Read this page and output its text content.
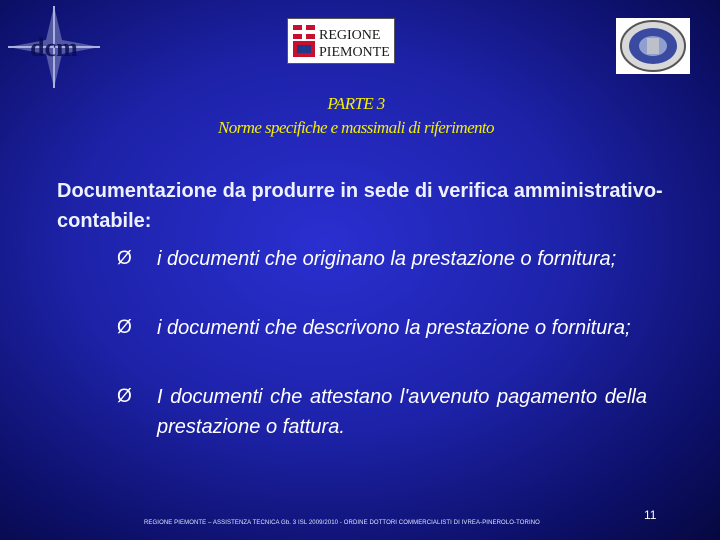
dcm	REGIONE
PIEMONTE
PARTE 3
Norme specifiche e massimali di riferimento
Documentazione da produrre in sede di verifica amministrativo-contabile:
Ø i documenti che originano la prestazione o fornitura;
Ø i documenti che descrivono la prestazione o fornitura;
Ø I documenti che attestano l'avvenuto pagamento della prestazione o fattura.
REGIONE PIEMONTE – ASSISTENZA TECNICA Gb. 3 ISL 2009/2010 - ORDINE DOTTORI COMMERCIALISTI DI IVREA-PINEROLO-TORINO
11
